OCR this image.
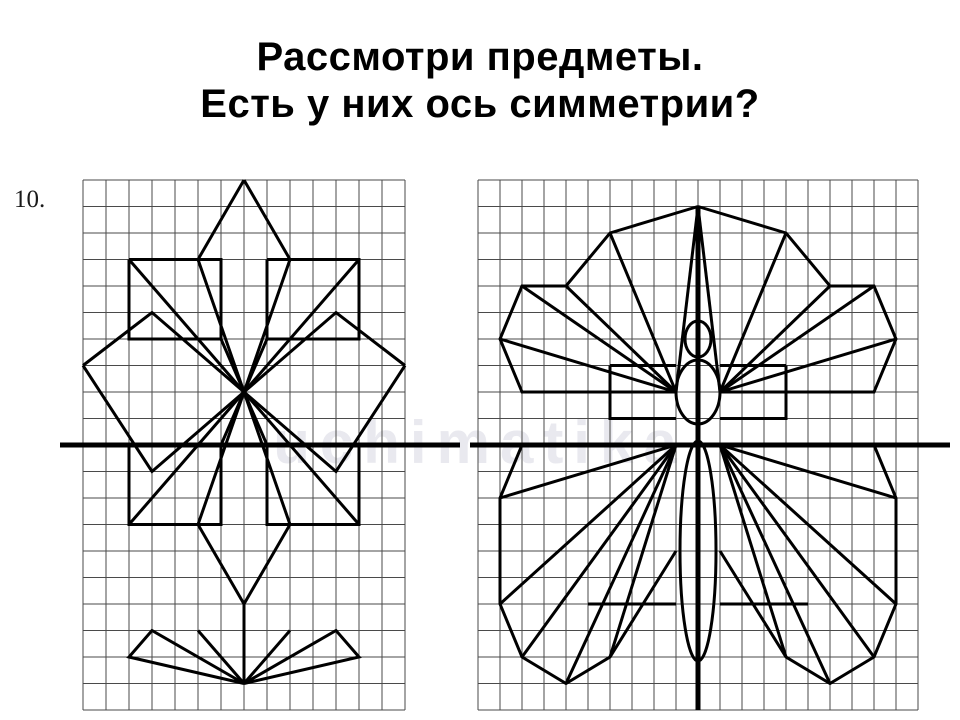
Рассмотри предметы.
Есть у них ось симметрии?
10.
uchimatika
